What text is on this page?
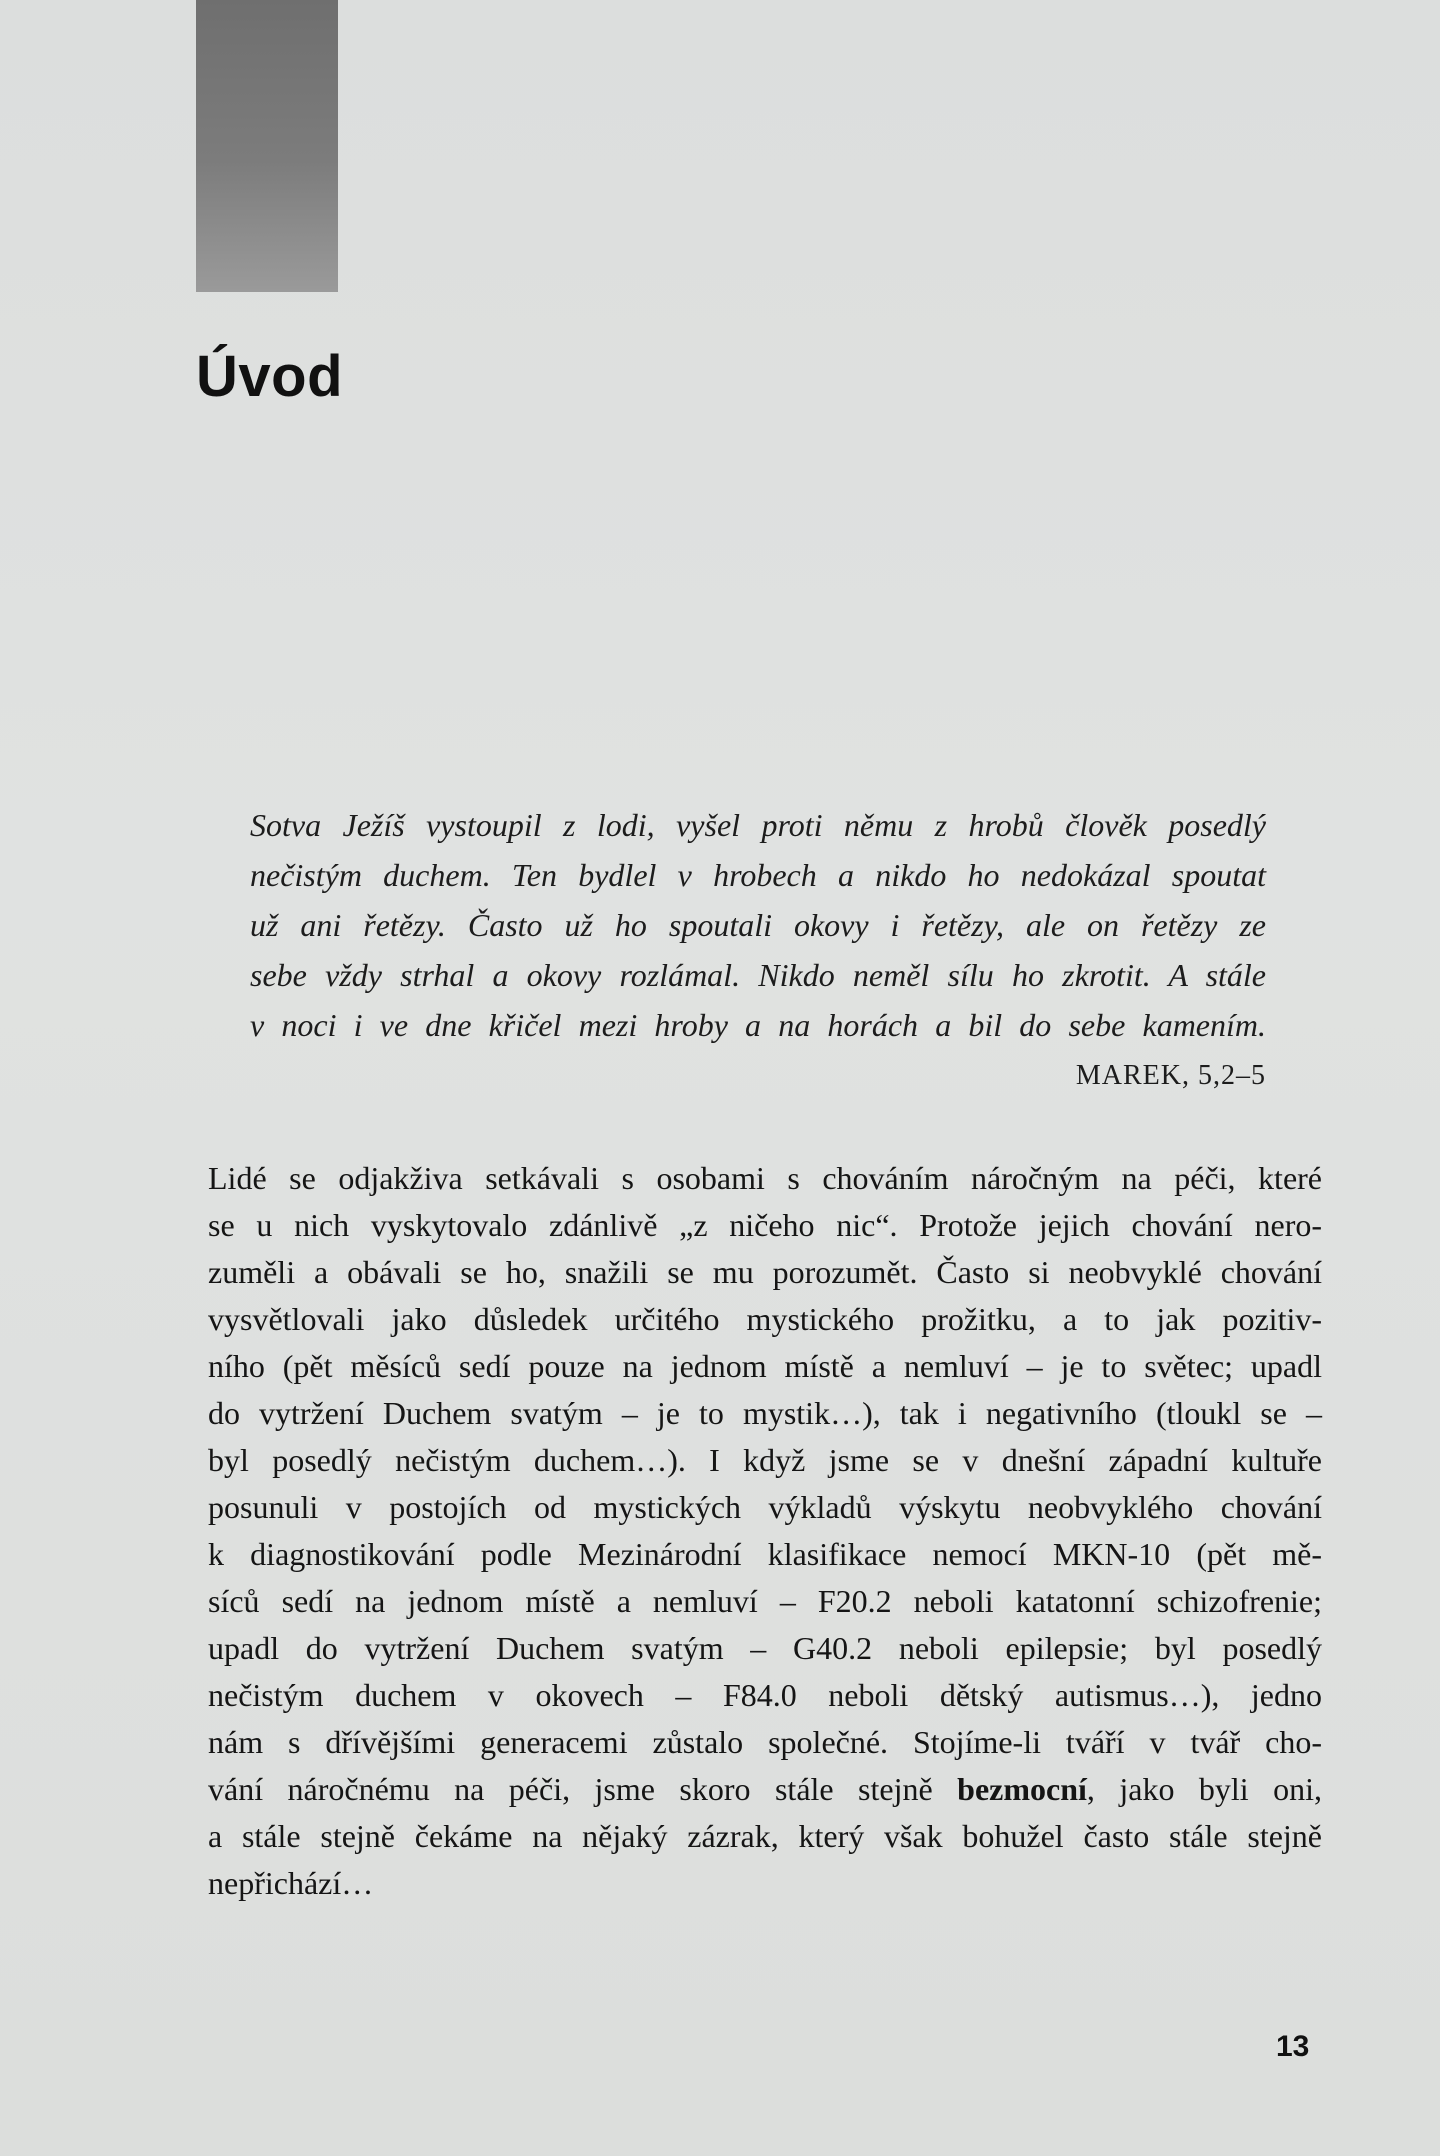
Úvod

Sotva Ježíš vystoupil z lodi, vyšel proti němu z hrobů člověk posedlý
nečistým duchem. Ten bydlel v hrobech a nikdo ho nedokázal spoutat
už ani řetězy. Často už ho spoutali okovy i řetězy, ale on řetězy ze
sebe vždy strhal a okovy rozlámal. Nikdo neměl sílu ho zkrotit. A stále
v noci i ve dne křičel mezi hroby a na horách a bil do sebe kamením.

MAREK, 5,2–5

Lidé se odjakživa setkávali s osobami s chováním náročným na péči, které
se u nich vyskytovalo zdánlivě „z ničeho nic“. Protože jejich chování nero-
zuměli a obávali se ho, snažili se mu porozumět. Často si neobvyklé chování
vysvětlovali jako důsledek určitého mystického prožitku, a to jak pozitiv-
ního (pět měsíců sedí pouze na jednom místě a nemluví – je to světec; upadl
do vytržení Duchem svatým – je to mystik…), tak i negativního (tloukl se –
byl posedlý nečistým duchem…). I když jsme se v dnešní západní kultuře
posunuli v postojích od mystických výkladů výskytu neobvyklého chování
k diagnostikování podle Mezinárodní klasifikace nemocí MKN-10 (pět mě-
síců sedí na jednom místě a nemluví – F20.2 neboli katatonní schizofrenie;
upadl do vytržení Duchem svatým – G40.2 neboli epilepsie; byl posedlý
nečistým duchem v okovech – F84.0 neboli dětský autismus…), jedno
nám s dřívějšími generacemi zůstalo společné. Stojíme-li tváří v tvář cho-
vání náročnému na péči, jsme skoro stále stejně bezmocní, jako byli oni,
a stále stejně čekáme na nějaký zázrak, který však bohužel často stále stejně
nepřichází…

13
